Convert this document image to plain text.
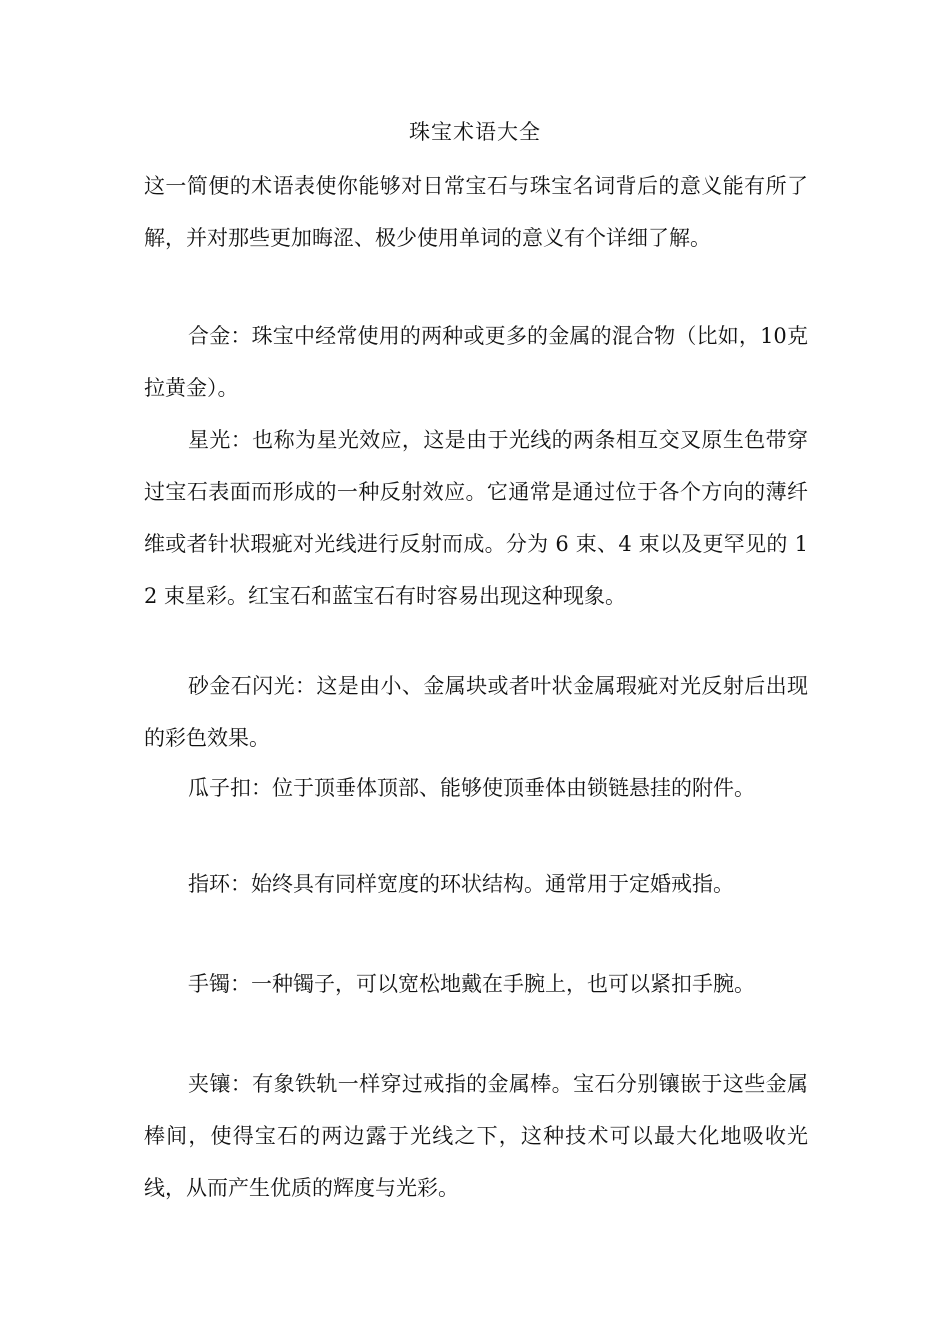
珠宝术语大全
这一简便的术语表使你能够对日常宝石与珠宝名词背后的意义能有所了解，并对那些更加晦涩、极少使用单词的意义有个详细了解。
合金：珠宝中经常使用的两种或更多的金属的混合物（比如，10克拉黄金）。
星光：也称为星光效应，这是由于光线的两条相互交叉原生色带穿过宝石表面而形成的一种反射效应。它通常是通过位于各个方向的薄纤维或者针状瑕疵对光线进行反射而成。分为 6 束、4 束以及更罕见的 12 束星彩。红宝石和蓝宝石有时容易出现这种现象。
砂金石闪光：这是由小、金属块或者叶状金属瑕疵对光反射后出现的彩色效果。
瓜子扣：位于顶垂体顶部、能够使顶垂体由锁链悬挂的附件。
指环：始终具有同样宽度的环状结构。通常用于定婚戒指。
手镯：一种镯子，可以宽松地戴在手腕上，也可以紧扣手腕。
夹镶：有象铁轨一样穿过戒指的金属棒。宝石分别镶嵌于这些金属棒间，使得宝石的两边露于光线之下，这种技术可以最大化地吸收光线，从而产生优质的辉度与光彩。
